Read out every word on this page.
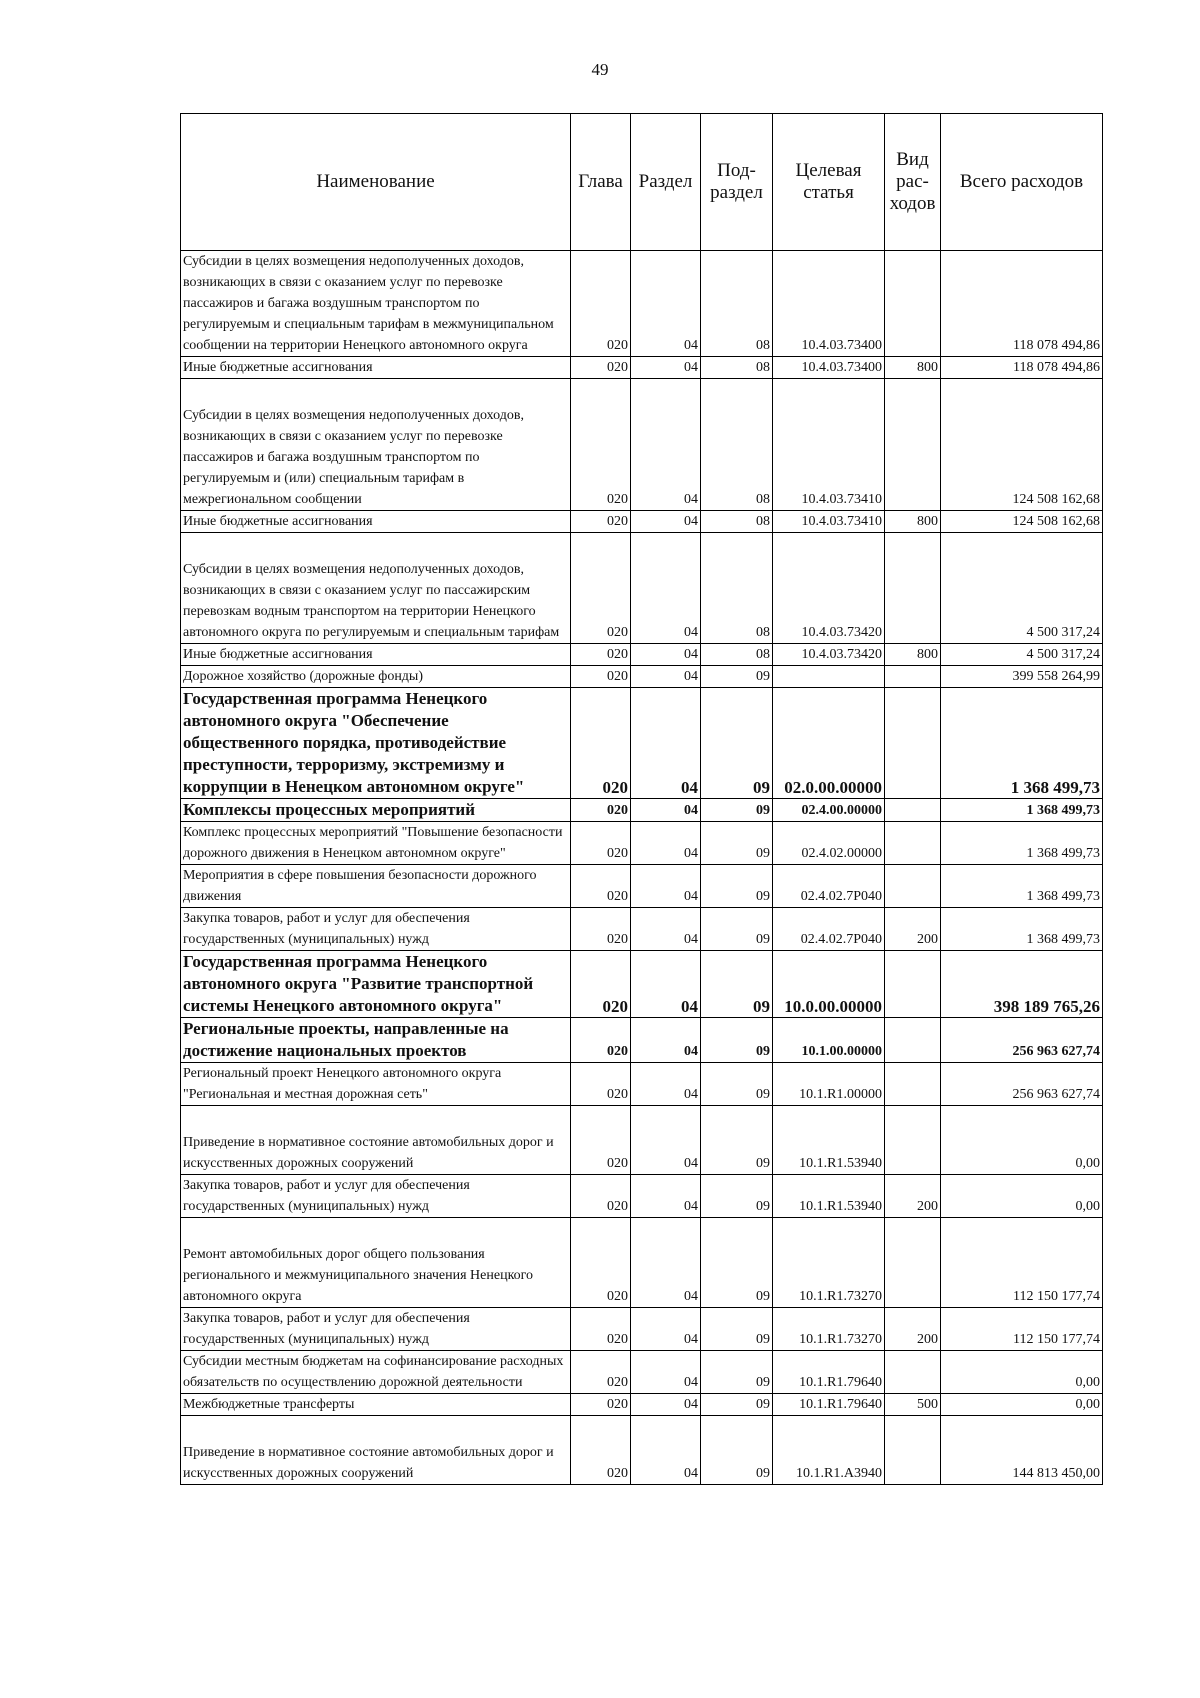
49
Наименование	Глава	Раздел	Под-раздел	Целевая статья	Вид рас-ходов	Всего расходов
Субсидии в целях возмещения недополученных доходов, возникающих в связи с оказанием услуг по перевозке пассажиров и багажа воздушным транспортом по регулируемым и специальным тарифам в межмуниципальном сообщении на территории Ненецкого автономного округа	020	04	08	10.4.03.73400		118 078 494,86
Иные бюджетные ассигнования	020	04	08	10.4.03.73400	800	118 078 494,86
Субсидии в целях возмещения недополученных доходов, возникающих в связи с оказанием услуг по перевозке пассажиров и багажа воздушным транспортом по регулируемым и (или) специальным тарифам в межрегиональном сообщении	020	04	08	10.4.03.73410		124 508 162,68
Иные бюджетные ассигнования	020	04	08	10.4.03.73410	800	124 508 162,68
Субсидии в целях возмещения недополученных доходов, возникающих в связи с оказанием услуг по пассажирским перевозкам водным транспортом на территории Ненецкого автономного округа по регулируемым и специальным тарифам	020	04	08	10.4.03.73420		4 500 317,24
Иные бюджетные ассигнования	020	04	08	10.4.03.73420	800	4 500 317,24
Дорожное хозяйство (дорожные фонды)	020	04	09			399 558 264,99
Государственная программа Ненецкого автономного округа "Обеспечение общественного порядка, противодействие преступности, терроризму, экстремизму и коррупции в Ненецком автономном округе"	020	04	09	02.0.00.00000		1 368 499,73
Комплексы процессных мероприятий	020	04	09	02.4.00.00000		1 368 499,73
Комплекс процессных мероприятий "Повышение безопасности дорожного движения в Ненецком автономном округе"	020	04	09	02.4.02.00000		1 368 499,73
Мероприятия в сфере повышения безопасности дорожного движения	020	04	09	02.4.02.7Р040		1 368 499,73
Закупка товаров, работ и услуг для обеспечения государственных (муниципальных) нужд	020	04	09	02.4.02.7Р040	200	1 368 499,73
Государственная программа Ненецкого автономного округа "Развитие транспортной системы Ненецкого автономного округа"	020	04	09	10.0.00.00000		398 189 765,26
Региональные проекты, направленные на достижение национальных проектов	020	04	09	10.1.00.00000		256 963 627,74
Региональный проект Ненецкого автономного округа "Региональная и местная дорожная сеть"	020	04	09	10.1.R1.00000		256 963 627,74
Приведение в нормативное состояние автомобильных дорог и искусственных дорожных сооружений	020	04	09	10.1.R1.53940		0,00
Закупка товаров, работ и услуг для обеспечения государственных (муниципальных) нужд	020	04	09	10.1.R1.53940	200	0,00
Ремонт автомобильных дорог общего пользования регионального и межмуниципального значения Ненецкого автономного округа	020	04	09	10.1.R1.73270		112 150 177,74
Закупка товаров, работ и услуг для обеспечения государственных (муниципальных) нужд	020	04	09	10.1.R1.73270	200	112 150 177,74
Субсидии местным бюджетам на софинансирование расходных обязательств по осуществлению дорожной деятельности	020	04	09	10.1.R1.79640		0,00
Межбюджетные трансферты	020	04	09	10.1.R1.79640	500	0,00
Приведение в нормативное состояние автомобильных дорог и искусственных дорожных сооружений	020	04	09	10.1.R1.A3940		144 813 450,00
